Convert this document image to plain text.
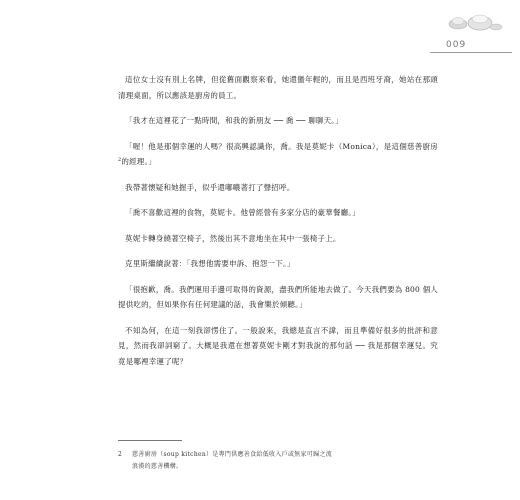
009

這位女士沒有別上名牌，但從舊面觀察來看，她還蠻年輕的，而且是西班牙裔，她站在那頭清理桌面，所以應該是廚房的員工。

「我才在這裡花了一點時間，和我的新朋友 ── 喬 ── 聊聊天。」

「喔！他是那個幸運的人嗎？很高興認識你，喬。我是莫妮卡（Monica），是這個慈善廚房$^2$的經理。」

我帶著懷疑和她握手，似乎還嘟噥著打了聲招呼。

「喬不喜歡這裡的食物，莫妮卡。他曾經營有多家分店的豪華餐廳。」

莫妮卡轉身繞著空椅子，然後出其不意地坐在其中一張椅子上。

克里斯繼續說著：「我想他需要申訴、抱怨一下。」

「很抱歉，喬。我們運用手邊可取得的資源，盡我們所能地去做了。今天我們要為 800 個人提供吃的，但如果你有任何建議的話，我會樂於傾聽。」

不知為何，在這一刻我卻愣住了。一般說來，我總是直言不諱，而且準備好很多的批評和意見，然而我卻詞窮了。大概是我還在想著莫妮卡剛才對我說的那句話 ── 我是那個幸運兒。究竟是哪裡幸運了呢？

2 慈善廚房（soup kitchen）是專門供應善食給低收入戶或無家可歸之流
浪漢的慈善機構。
